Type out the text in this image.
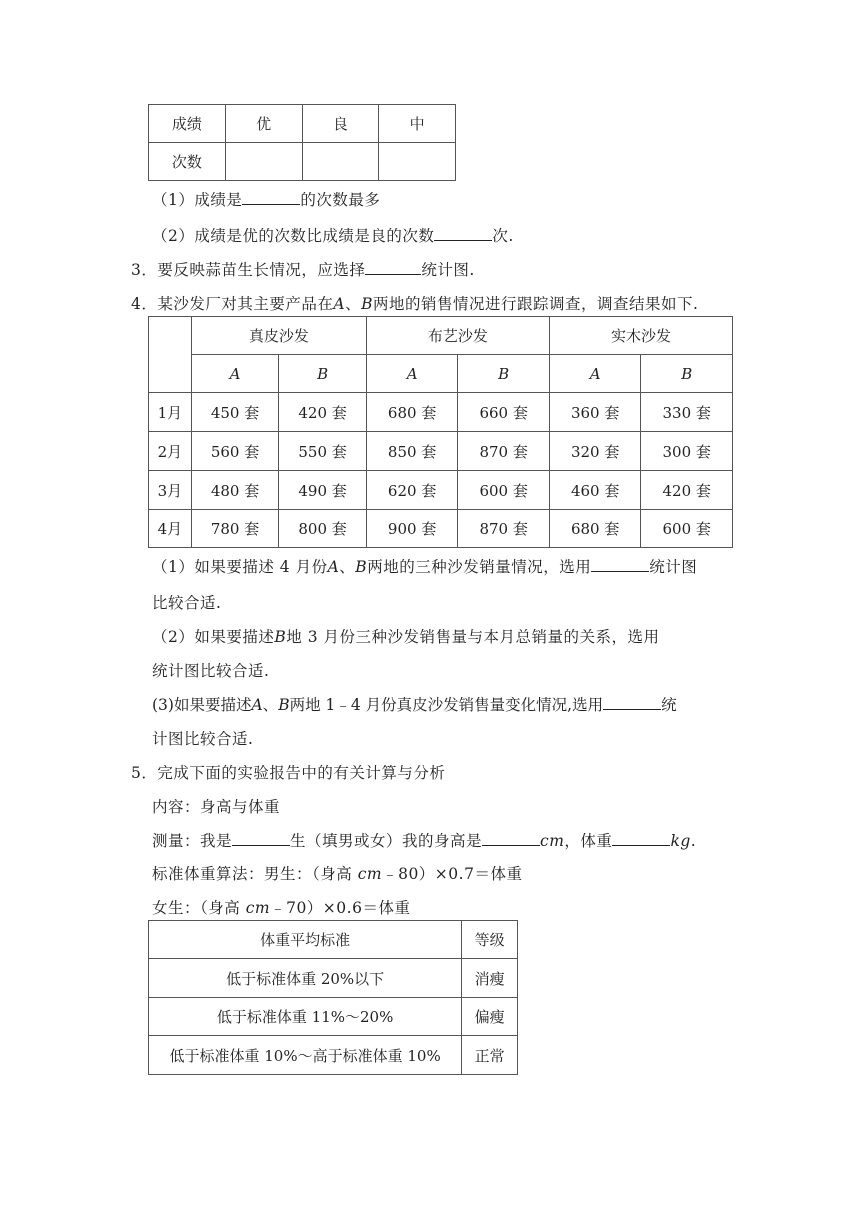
成绩	优	良	中
次数			
（1）成绩是	的次数最多
（2）成绩是优的次数比成绩是良的次数	次.
3．要反映蒜苗生长情况，应选择	统计图.
4．某沙发厂对其主要产品在A、B两地的销售情况进行跟踪调查，调查结果如下.
	真皮沙发		布艺沙发		实木沙发	
	A	B	A	B	A	B
1月	450 套	420 套	680 套	660 套	360 套	330 套
2月	560 套	550 套	850 套	870 套	320 套	300 套
3月	480 套	490 套	620 套	600 套	460 套	420 套
4月	780 套	800 套	900 套	870 套	680 套	600 套
（1）如果要描述 4 月份A、B两地的三种沙发销量情况，选用	统计图
比较合适.
（2）如果要描述B地 3 月份三种沙发销售量与本月总销量的关系，选用
统计图比较合适.
(3)如果要描述A、B两地 1﹣4 月份真皮沙发销售量变化情况,选用	统
计图比较合适.
5．完成下面的实验报告中的有关计算与分析
内容：身高与体重
测量：我是	生（填男或女）我的身高是	cm，体重	kg.
标准体重算法：男生：（身高 cm﹣80）×0.7＝体重
女生：（身高 cm﹣70）×0.6＝体重
体重平均标准	等级
低于标准体重 20%以下	消瘦
低于标准体重 11%～20%	偏瘦
低于标准体重 10%～高于标准体重 10%	正常
